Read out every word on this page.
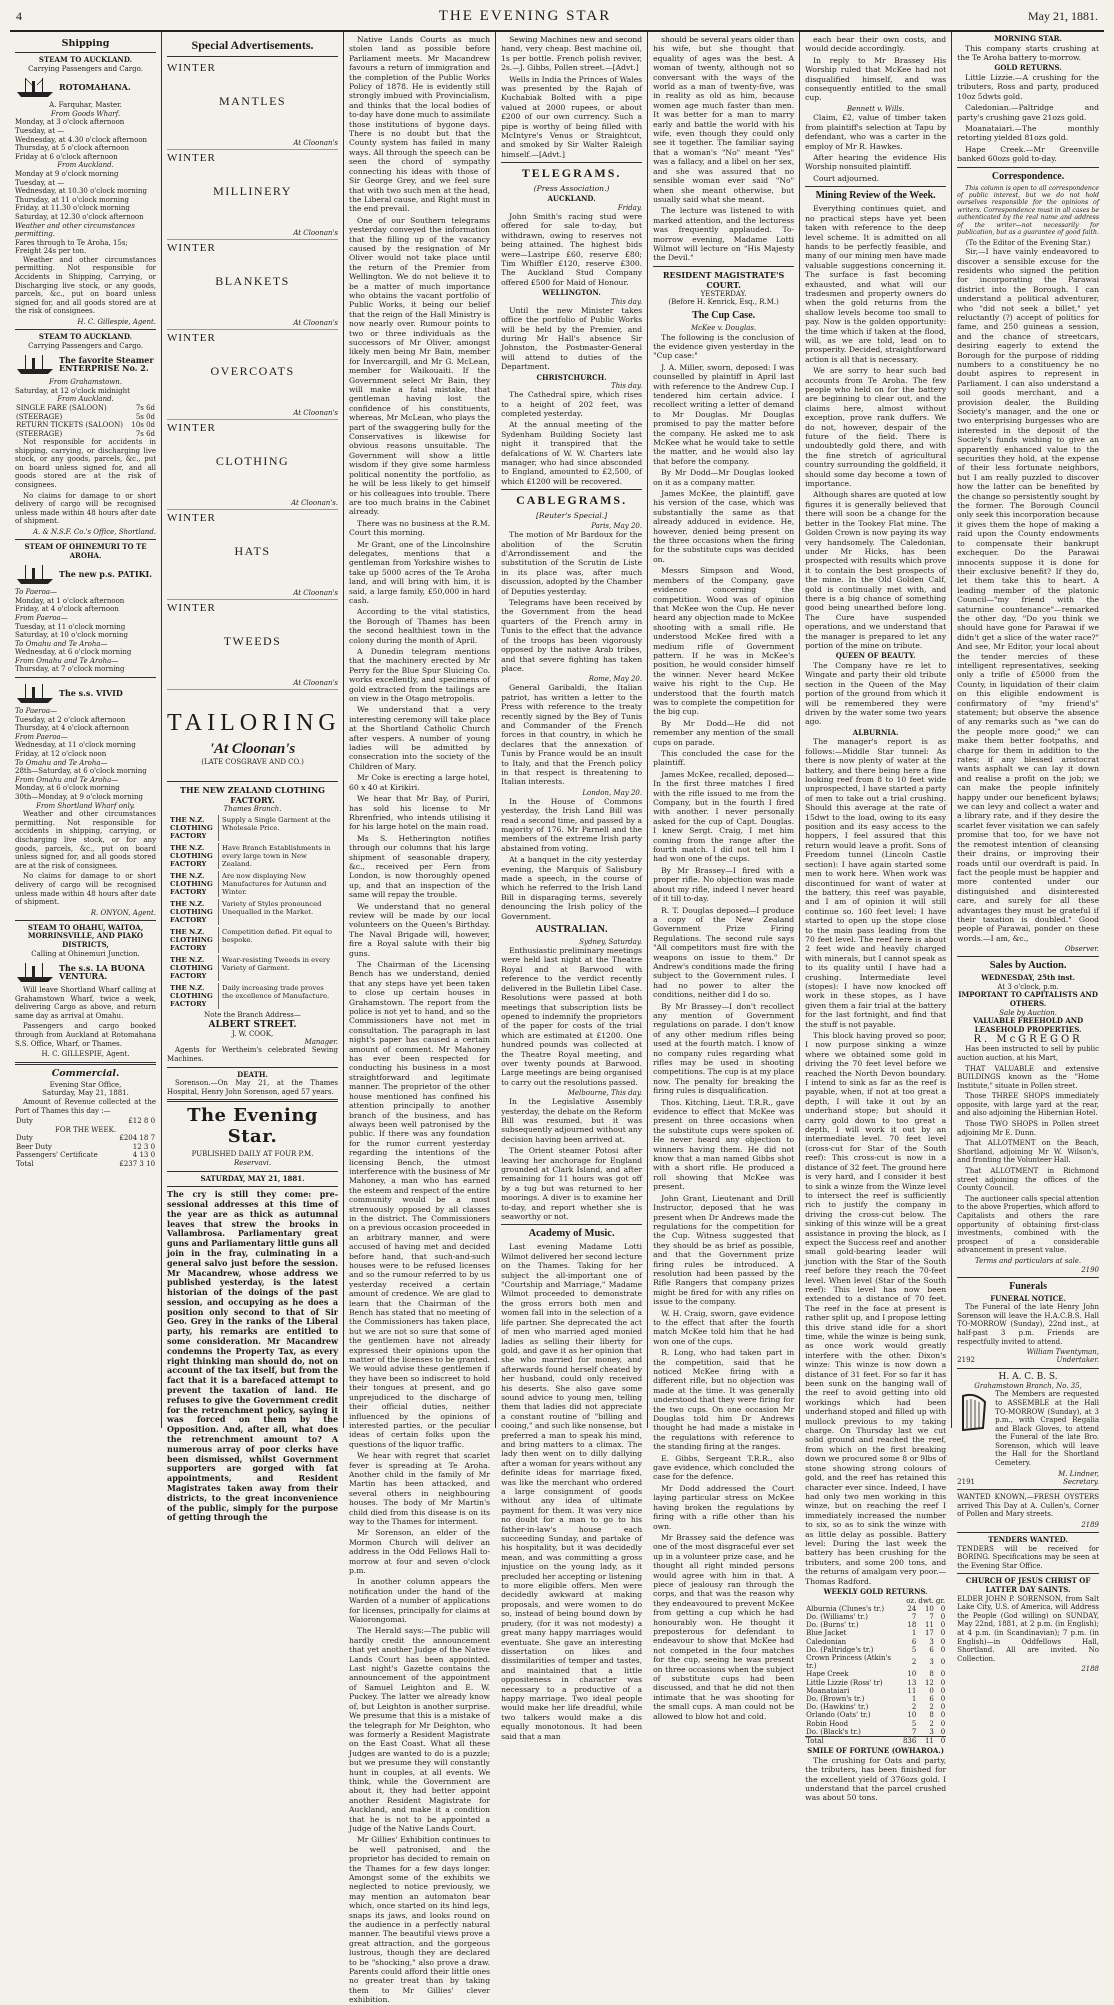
4	THE EVENING STAR	May 21, 1881.
Shipping
STEAM TO AUCKLAND.
Carrying Passengers and Cargo.
ROTOMAHANA.
A. Farquhar, Master.
From Goods Wharf.
Monday, at 3 o'clock afternoon
Tuesday, at —
Wednesday, at 4.30 o'clock afternoon
Thursday, at 5 o'clock afternoon
Friday at 6 o'clock afternoon
From Auckland.
Monday at 9 o'clock morning
Tuesday, at —
Wednesday, at 10.30 o'clock morning
Thursday, at 11 o'clock morning
Friday, at 11.30 o'clock morning
Saturday, at 12.30 o'clock afternoon
Weather and other circumstances permitting.
Fares through to Te Aroha, 15s; Freight 24s per ton.
Weather and other circumstances permitting. Not responsible for Accidents in Shipping, Carrying, or Discharging live stock, or any goods, parcels, &c., put on board unless signed for, and all goods stored are at the risk of consignees.
H. C. Gillespie, Agent.
STEAM TO AUCKLAND.
Carrying Passengers and Cargo.
The favorite Steamer ENTERPRISE No. 2.
From Grahamstown.
Saturday, at 12 o'clock midnight
From Auckland.
SINGLE FARE (SALOON)	7s 6d
(STEERAGE)	5s 0d
RETURN TICKETS (SALOON)	10s 0d
(STEERAGE)	7s 6d
Not responsible for accidents in shipping, carrying, or discharging live stock, or any goods, parcels, &c., put on board unless signed for, and all goods stored are at the risk of consignees.
No claims for damage to or short delivery of cargo will be recognised unless made within 48 hours after date of shipment.
A. & N.S.F. Co.'s Office, Shortland.
STEAM OF OHINEMURI TO TE AROHA.
The new p.s. PATIKI.
To Paeroa—
Monday, at 1 o'clock afternoon
Friday, at 4 o'clock afternoon
From Paeroa—
Tuesday, at 11 o'clock morning
Saturday, at 10 o'clock morning
To Omahu and Te Aroha—
Wednesday, at 6 o'clock morning
From Omahu and Te Aroha—
Thursday, at 7 o'clock morning
The s.s. VIVID
To Paeroa—
Tuesday, at 2 o'clock afternoon
Thursday, at 4 o'clock afternoon
From Paeroa—
Wednesday, at 11 o'clock morning
Friday, at 12 o'clock noon
To Omahu and Te Aroha—
28th—Saturday, at 6 o'clock morning
From Omahu and Te Aroha—
Monday, at 6 o'clock morning
30th—Monday, at 9 o'clock morning
From Shortland Wharf only.
Weather and other circumstances permitting. Not responsible for accidents in shipping, carrying, or discharging live stock, or for any goods, parcels, &c., put on board unless signed for, and all goods stored are at the risk of consignees.
No claims for damage to or short delivery of cargo will be recognised unless made within 48 hours after date of shipment.
R. ONYON, Agent.
STEAM TO OHAHU, WAITOA, MORRINSVILLE, AND PIAKO DISTRICTS,
Calling at Ohinemuri Junction.
The s.s. LA BUONA VENTURA.
Will leave Shortland Wharf calling at Grahamstown Wharf, twice a week, delivering Cargo as above, and return same day as arrival at Omahu.
Passengers and cargo booked through from Auckland at Rotomahana S.S. Office, Wharf, or Thames.
H. C. GILLESPIE, Agent.
Commercial.
Evening Star Office,
Saturday, May 21, 1881.
Amount of Revenue collected at the Port of Thames this day :—
Duty	£12 8 0
FOR THE WEEK.
Duty	£204 18 7
Beer Duty	12 3 0
Passengers' Certificate	4 13 0
Total	£237 3 10
Special Advertisements.
WINTER
MANTLES
At Cloonan's
WINTER
MILLINERY
At Cloonan's
WINTER
BLANKETS
At Cloonan's
WINTER
OVERCOATS
At Cloonan's
WINTER
CLOTHING
At Cloonan's.
WINTER
HATS
At Cloonan's
WINTER
TWEEDS
At Cloonan's
TAILORING
'At Cloonan's
(LATE COSGRAVE AND CO.)
THE NEW ZEALAND CLOTHING FACTORY.
Thames Branch.
THE N.Z. CLOTHING FACTORY	Supply a Single Garment at the Wholesale Price.
THE N.Z. CLOTHING FACTORY	Have Branch Establishments in every large town in New Zealand.
THE N.Z. CLOTHING FACTORY	Are now displaying New Manufactures for Autumn and Winter.
THE N.Z. CLOTHING FACTORY	Variety of Styles pronounced Unequalled in the Market.
THE N.Z. CLOTHING FACTORY	Competition defied. Fit equal to bespoke.
THE N.Z. CLOTHING FACTORY	Wear-resisting Tweeds in every Variety of Garment.
THE N.Z. CLOTHING FACTORY	Daily increasing trade proves the excellence of Manufacture.
Note the Branch Address—
ALBERT STREET.
J. W. COOK,
Manager.
Agents for Wertheim's celebrated Sewing Machines.
DEATH.
Sorenson.—On May 21, at the Thames Hospital, Henry John Sorenson, aged 57 years.
The Evening Star.
PUBLISHED DAILY AT FOUR P.M.
Reservavi.
SATURDAY, MAY 21, 1881.
The cry is still they come: pre-sessional addresses at this time of the year are as thick as autumnal leaves that strew the brooks in Vallambrosa. Parliamentary great guns and Parliamentary little guns all join in the fray, culminating in a general salvo just before the session. Mr Macandrew, whose address we published yesterday, is the latest historian of the doings of the past session, and occupying as he does a position only second to that of Sir Geo. Grey in the ranks of the Liberal party, his remarks are entitled to some consideration. Mr Macandrew condemns the Property Tax, as every right thinking man should do, not on account of the tax itself, but from the fact that it is a barefaced attempt to prevent the taxation of land. He refuses to give the Government credit for the retrenchment policy, saying it was forced on them by the Opposition. And, after all, what does the retrenchment amount to? A numerous array of poor clerks have been dismissed, whilst Government supporters are gorged with fat appointments, and Resident Magistrates taken away from their districts, to the great inconvenience of the public, simply for the purpose of getting through the
Native Lands Courts as much stolen land as possible before Parliament meets. Mr Macandrew favours a return of immigration and the completion of the Public Works Policy of 1878. He is evidently still strongly imbued with Provincialism, and thinks that the local bodies of to-day have done much to assimilate those institutions of bygone days. There is no doubt but that the County system has failed in many ways. All through the speech can be seen the chord of sympathy connecting his ideas with those of Sir George Grey, and we feel sure that with two such men at the head, the Liberal cause, and Right must in the end prevail.
One of our Southern telegrams yesterday conveyed the information that the filling up of the vacancy caused by the resignation of Mr Oliver would not take place until the return of the Premier from Wellington. We do not believe it to be a matter of much importance who obtains the vacant portfolio of Public Works, it being our belief that the reign of the Hall Ministry is now nearly over. Rumour points to two or three individuals as the successors of Mr Oliver, amongst likely men being Mr Bain, member for Invercargill, and Mr G. McLean, member for Waikouaiti. If the Government select Mr Bain, they will make a fatal mistake, that gentleman having lost the confidence of his constituents, whereas, Mr McLean, who plays the part of the swaggering bully for the Conservatives is likewise for obvious reasons unsuitable. The Government will show a little wisdom if they give some harmless political nonentity the portfolio, as he will be less likely to get himself or his colleagues into trouble. There are too much brains in the Cabinet already.
There was no business at the R.M. Court this morning.
Mr Grant, one of the Lincolnshire delegates, mentions that a gentleman from Yorkshire wishes to take up 5000 acres of the Te Aroha land, and will bring with him, it is said, a large family, £50,000 in hard cash.
According to the vital statistics, the Borough of Thames has been the second healthiest town in the colony during the month of April.
A Dunedin telegram mentions that the machinery erected by Mr Perry for the Blue Spur Sluicing Co. works excellently, and specimens of gold extracted from the tailings are on view in the Otago metropolis.
We understand that a very interesting ceremony will take place at the Shortland Catholic Church after vespers. A number of young ladies will be admitted by consecration into the society of the Children of Mary.
Mr Coke is erecting a large hotel, 60 x 40 at Kirikiri.
We hear that Mr Bay, of Puriri, has sold his license to Mr Rhrenfried, who intends utilising it for his large hotel on the main road.
Ms S. Hetherington notifies through our columns that his large shipment of seasonable drapery, &c., received per Fern from London, is now thoroughly opened up, and that an inspection of the same will repay the trouble.
We understand that no general review will be made by our local volunteers on the Queen's Birthday. The Naval Brigade will, however, fire a Royal salute with their big guns.
The Chairman of the Licensing Bench has we understand, denied that any steps have yet been taken to close up certain houses in Grahamstown. The report from the police is not yet to hand, and so the Commissioners have not met in consultation. The paragraph in last night's paper has caused a certain amount of comment. Mr Mahoney has ever been respected for conducting his business in a most straightforward and legitimate manner. The proprietor of the other house mentioned has confined his attention principally to another branch of the business, and has always been well patronised by the public. If there was any foundation for the rumor current yesterday regarding the intentions of the licensing Bench, the utmost interference with the business of Mr Mahoney, a man who has earned the esteem and respect of the entire community would be a most strenuously opposed by all classes in the district. The Commissioners on a previous occasion proceeded in an arbitrary manner, and were accused of having met and decided before hand, that such-and-such houses were to be refused licenses and so the rumour referred to by us yesterday received a certain amount of credence. We are glad to learn that the Chairman of the Bench has stated that no meeting of the Commissioners has taken place, but we are not so sure that some of the gentlemen have not already expressed their opinions upon the matter of the licenses to be granted. We would advise these gentlemen if they have been so indiscreet to hold their tongues at present, and go unprejudiced to the discharge of their official duties, neither influenced by the opinions of interested parties, or the peculiar ideas of certain folks upon the questions of the liquor traffic.
We hear with regret that scarlet fever is spreading at Te Aroha. Another child in the family of Mr Martin has been attacked, and several others in neighbouring houses. The body of Mr Martin's child died from this disease is on its way to the Thames for interment.
Mr Sorenson, an elder of the Mormon Church will deliver an address in the Odd Fellows Hall to-morrow at four and seven o'clock p.m.
In another column appears the notification under the hand of the Warden of a number of applications for licenses, principally for claims at Waiorongomai.
The Herald says:—The public will hardly credit the announcement that yet another Judge of the Native Lands Court has been appointed. Last night's Gazette contains the announcement of the appointment of Samuel Leighton and E. W. Puckey. The latter we already know of, but Leighton is another surprise. We presume that this is a mistake of the telegraph for Mr Deighton, who was formerly a Resident Magistrate on the East Coast. What all these Judges are wanted to do is a puzzle; but we presume they will constantly hunt in couples, at all events. We think, while the Government are about it, they had better appoint another Resident Magistrate for Auckland, and make it a condition that he is not to be appointed a Judge of the Native Lands Court.
Mr Gillies' Exhibition continues to be well patronised, and the proprietor has decided to remain on the Thames for a few days longer. Amongst some of the exhibits we neglected to notice previously, we may mention an automaton bear which, once started on its hind legs, snaps its jaws, and looks round on the audience in a perfectly natural manner. The beautiful views prove a great attraction, and the gorgeous lustrous, though they are declared to be "shocking," also prove a draw. Parents could afford their little ones no greater treat than by taking them to Mr Gillies' clever exhibition.
Sewing Machines new and second hand, very cheap. Best machine oil, 1s per bottle. French polish reviver, 2s.—J. Gibbs, Pollen street.—[Advt.]
Wells in India the Princes of Wales was presented by the Rajah of Kuchabiak Bolted with a pipe valued at 2000 rupees, or about £200 of our own currency. Such a pipe is worthy of being filled with McIntyre's Venus or Straightcut, and smoked by Sir Walter Raleigh himself.—[Advt.]
TELEGRAMS.
(Press Association.)
AUCKLAND.
Friday.
John Smith's racing stud were offered for sale to-day, but withdrawn, owing to reserves not being attained. The highest bids were—Lastripe £60, reserve £80; Tim Whiffler £120, reserve £300. The Auckland Stud Company offered £500 for Maid of Honour.
WELLINGTON.
This day.
Until the new Minister takes office the portfolio of Public Works will be held by the Premier, and during Mr Hall's absence Sir Johnston, the Postmaster-General will attend to duties of the Department.
CHRISTCHURCH.
This day.
The Cathedral spire, which rises to a height of 202 feet, was completed yesterday.
At the annual meeting of the Sydenham Building Society last night it transpired that the defalcations of W. W. Charters late manager, who had since absconded to England, amounted to £2,500, of which £1200 will be recovered.
CABLEGRAMS.
[Reuter's Special.]
Paris, May 20.
The motion of Mr Bardoux for the abolition of the Scrutin d'Arrondissement and the substitution of the Scrutin de Liste in its place was, after much discussion, adopted by the Chamber of Deputies yesterday.
Telegrams have been received by the Government from the head quarters of the French army in Tunis to the effect that the advance of the troops has been vigorously opposed by the native Arab tribes, and that severe fighting has taken place.
Rome, May 20.
General Garibaldi, the Italian patriot, has written a letter to the Press with reference to the treaty recently signed by the Bey of Tunis and Commander of the French forces in that country, in which he declares that the annexation of Tunis by France would be an insult to Italy, and that the French policy in that respect is threatening to Italian interests.
London, May 20.
In the House of Commons yesterday, the Irish Land Bill was read a second time, and passed by a majority of 176. Mr Parnell and the members of the extreme Irish party abstained from voting.
At a banquet in the city yesterday evening, the Marquis of Salisbury made a speech, in the course of which he referred to the Irish Land Bill in disparaging terms, severely denouncing the Irish policy of the Government.
AUSTRALIAN.
Sydney, Saturday.
Enthusiastic preliminary meetings were held last night at the Theatre Royal and at Barwood with reference to the verdict recently delivered in the Bulletin Libel Case. Resolutions were passed at both meetings that subscription lists be opened to indemnify the proprietors of the paper for costs of the trial which are estimated at £1200. One hundred pounds was collected at the Theatre Royal meeting, and over twenty pounds at Barwood. Large meetings are being organised to carry out the resolutions passed.
Melbourne, This day.
In the Legislative Assembly yesterday, the debate on the Reform Bill was resumed, but it was subsequently adjourned without any decision having been arrived at.
The Orient steamer Potosi after leaving her anchorage for England grounded at Clark Island, and after remaining for 11 hours was got off by a tug but was returned to her moorings. A diver is to examine her to-day, and report whether she is seaworthy or not.
Academy of Music.
Last evening Madame Lotti Wilmot delivered her second lecture on the Thames. Taking for her subject the all-important one of "Courtship and Marriage," Madame Wilmot proceeded to demonstrate the gross errors both men and women fall into in the selection of a life partner. She deprecated the act of men who married aged monied ladies as selling their liberty for gold, and gave it as her opinion that she who married for money, and afterwards found herself cheated by her husband, could only received his deserts. She also gave some sound advice to young men, telling them that ladies did not appreciate a constant routine of "billing and cooing," and such like nonsense, but preferred a man to speak his mind, and bring matters to a climax. The lady then went on to dilly dallying after a woman for years without any definite ideas for marriage fixed, was like the merchant who ordered a large consignment of goods without any idea of ultimate payment for them. It was very nice no doubt for a man to go to his father-in-law's house each succeeding Sunday, and partake of his hospitality, but it was decidedly mean, and was committing a gross injustice on the young lady, as it precluded her accepting or listening to more eligible offers. Men were decidedly awkward at making proposals, and were women to do so, instead of being bound down by prudery, (for it was not modesty) a great many happy marriages would eventuate. She gave an interesting dissertation on likes and dissimilarities of temper and tastes, and maintained that a little oppositeness in character was necessary to a productive of a happy marriage. Two ideal people would make her life dreadful, while two talkers would make a dis equally monotonous. It had been said that a man
should be several years older than his wife, but she thought that equality of ages was the best. A woman of twenty, although not so conversant with the ways of the world as a man of twenty-five, was in reality as old as him, because women age much faster than men. It was better for a man to marry early and battle the world with his wife, even though they could only see it together. The familiar saying that a woman's "No" meant "Yes" was a fallacy, and a libel on her sex, and she was assured that no sensible woman ever said "No" when she meant otherwise, but usually said what she meant.
The lecture was listened to with marked attention, and the lecturess was frequently applauded. To-morrow evening, Madame Lotti Wilmot will lecture on "His Majesty the Devil."
RESIDENT MAGISTRATE'S COURT.
YESTERDAY.
(Before H. Kenrick, Esq., R.M.)
The Cup Case.
McKee v. Douglas.
The following is the conclusion of the evidence given yesterday in the "Cup case:"
J. A. Miller, sworn, deposed: I was counselled by plaintiff in April last with reference to the Andrew Cup. I tendered him certain advice. I recollect writing a letter of demand to Mr Douglas. Mr Douglas promised to pay the matter before the company. He asked me to ask McKee what he would take to settle the matter, and he would also lay that before the company.
By Mr Dodd—Mr Douglas looked on it as a company matter.
James McKee, the plaintiff, gave his version of the case, which was substantially the same as that already adduced in evidence. He, however, denied being present on the three occasions when the firing for the substitute cups was decided on.
Messrs Simpson and Wood, members of the Company, gave evidence concerning the competition. Wood was of opinion that McKee won the Cup. He never heard any objection made to McKee shooting with a small rifle. He understood McKee fired with a medium rifle of Government pattern. If he was in McKee's position, he would consider himself the winner. Never heard McKee waive his right to the Cup. He understood that the fourth match was to complete the competition for the big cup.
By Mr Dodd—He did not remember any mention of the small cups on parade.
This concluded the case for the plaintiff.
James McKee, recalled, deposed—In the first three matches I fired with the rifle issued to me from the Company, but in the fourth I fired with another. I never personally asked for the cup of Capt. Douglas. I knew Sergt. Craig, I met him coming from the range after the fourth match. I did not tell him I had won one of the cups.
By Mr Brassey—I fired with a proper rifle. No objection was made about my rifle, indeed I never heard of it till to-day.
R. T. Douglas deposed—I produce a copy of the New Zealand Government Prize Firing Regulations. The second rule says "All competitors must fire with the weapons on issue to them." Dr Andrew's conditions made the firing subject to the Government rules. I had no power to alter the conditions, neither did I do so.
By Mr Brassey—I don't recollect any mention of Government regulations on parade. I don't know of any other medium rifles being used at the fourth match. I know of no company rules regarding what rifles may be used in shooting competitions. The cup is at my place now. The penalty for breaking the firing rules is disqualification.
Thos. Kitching, Lieut. T.R.R., gave evidence to effect that McKee was present on three occasions when the substitute cups were spoken of. He never heard any objection to winners having them. He did not know that a man named Gibbs shot with a short rifle. He produced a roll showing that McKee was present.
John Grant, Lieutenant and Drill Instructor, deposed that he was present when Dr Andrews made the regulations for the competition for the Cup. Witness suggested that they should be as brief as possible, and that the Government prize firing rules be introduced. A resolution had been passed by the Rifle Rangers that company prizes might be fired for with any rifles on issue to the company.
W. H. Craig, sworn, gave evidence to the effect that after the fourth match McKee told him that he had won one of the cups.
R. Long, who had taken part in the competition, said that he noticed McKee firing with a different rifle, but no objection was made at the time. It was generally understood that they were firing for the two cups. On one occasion Mr Douglas told him Dr Andrews thought he had made a mistake in the regulations with reference to the standing firing at the ranges.
E. Gibbs, Sergeant T.R.R., also gave evidence, which concluded the case for the defence.
Mr Dodd addressed the Court laying particular stress on McKee having broken the regulations by firing with a rifle other than his own.
Mr Brassey said the defence was one of the most disgraceful ever set up in a volunteer prize case, and he thought all right minded persons would agree with him in that. A piece of jealousy ran through the corps, and that was the reason why they endeavoured to prevent McKee from getting a cup which he had honourably won. He thought it preposterous for defendant to endeavour to show that McKee had not competed in the four matches for the cup, seeing he was present on three occasions when the subject of substitute cups had been discussed, and that he did not then intimate that he was shooting for the small cups. A man could not be allowed to blow hot and cold.
each bear their own costs, and would decide accordingly.
In reply to Mr Brassey His Worship ruled that McKee had not disqualified himself, and was consequently entitled to the small cup.
Bennett v. Wills.
Claim, £2, value of timber taken from plaintiff's selection at Tapu by defendant, who was a carter in the employ of Mr R. Hawkes.
After hearing the evidence His Worship nonsuited plaintiff.
Court adjourned.
Mining Review of the Week.
Everything continues quiet, and no practical steps have yet been taken with reference to the deep level scheme. It is admitted on all hands to be perfectly feasible, and many of our mining men have made valuable suggestions concerning it. The surface is fast becoming exhausted, and what will our tradesmen and property owners do when the gold returns from the shallow levels become too small to pay. Now is the golden opportunity: the time which if taken at the flood, will, as we are told, lead on to prosperity. Decided, straightforward action is all that is necessary.
We are sorry to hear such bad accounts from Te Aroha. The few people who held on for the battery are beginning to clear out, and the claims here, almost without exception, prove rank duffers. We do not, however, despair of the future of the field. There is undoubtedly gold there, and with the fine stretch of agricultural country surrounding the goldfield, it should some day become a town of importance.
Although shares are quoted at low figures it is generally believed that there will soon be a change for the better in the Tookey Flat mine. The Golden Crown is now paying its way very handsomely. The Caledonian, under Mr Hicks, has been prospected with results which prove it to contain the best prospects of the mine. In the Old Golden Calf, gold is continually met with, and there is a big chance of something good being unearthed before long. The Cure have suspended operations, and we understand that the manager is prepared to let any portion of the mine on tribute.
QUEEN OF BEAUTY.
The Company have re let to Wingate and party their old tribute section in the Queen of the May portion of the ground from which it will be remembered they were driven by the water some two years ago.
ALBURNIA.
The manager's report is as follows:—Middle Star tunnel: As there is now plenty of water at the battery, and there being here a fine looking reef from 8 to 10 feet wide unprospected, I have started a party of men to take out a trial crushing. Should this average at the rate of 15dwt to the load, owing to its easy position and its easy access to the hoppers, I feel assured that this return would leave a profit. Sons of Freedom tunnel (Lincoln Castle section): I have again started some men to work here. When work was discontinued for want of water at the battery, this reef was payable, and I am of opinion it will still continue so. 160 feet level: I have started to open up the stope close to the main pass leading from the 70 feet level. The reef here is about 2 feet wide and heavily charged with minerals, but I cannot speak as to its quality until I have had a crushing. Intermediate level (stopes): I have now knocked off work in these stopes, as I have given them a fair trial at the battery for the last fortnight, and find that the stuff is not payable.
This block having proved so poor, I now purpose sinking a winze where we obtained some gold in driving the 70 feet level before we reached the North Devon boundary. I intend to sink as far as the reef is payable, when, if not at too great a depth, I will take it out by an underhand stope; but should it carry gold down to too great a depth, I will work it out by an intermediate level. 70 feet level (cross-cut for Star of the South reef): This cross-cut is now in a distance of 32 feet. The ground here is very hard, and I consider it best to sink a winze from the Winze level to intersect the reef is sufficiently rich to justify the company in driving the cross-cut below. The sinking of this winze will be a great assistance in proving the block, as I expect the Success reef and another small gold-bearing leader will junction with the Star of the South reef before they reach the 70-feet level. When level (Star of the South reef): This level has now been extended to a distance of 70 feet. The reef in the face at present is rather split up, and I propose letting this drive stand idle for a short time, while the winze is being sunk, as once work would greatly interfere with the other. Dixon's winze: This winze is now down a distance of 31 feet. For so far it has been sunk on the hanging wall of the reef to avoid getting into old workings which had been underhand stoped and filled up with mullock previous to my taking charge. On Thursday last we cut solid ground and reached the reef, from which on the first breaking down we procured some 8 or 9lbs of stone showing strong colours of gold, and the reef has retained this character ever since. Indeed, I have had only two men working in this winze, but on reaching the reef I immediately increased the number to six, so as to sink the winze with as little delay as possible. Battery level: During the last week the battery has been crushing for the tributers, and some 200 tons, and the returns of amalgam very poor.—Thomas Radford.
WEEKLY GOLD RETURNS.
	oz.	dwt.	gr.
Alburnia (Clunes's tr.)	24	10	0
Do. (Williams' tr.)	7	7	0
Do. (Burns' tr.)	18	11	0
Blue Jacket	1	17	0
Caledonian	6	3	0
Do. (Paltridge's tr.)	5	6	0
Crown Princess (Atkin's tr.)	2	3	0
Hape Creek	10	8	0
Little Lizzie (Ross' tr)	13	12	0
Moanataiari	11	0	0
Do. (Brown's tr.)	1	6	0
Do. (Hawkins' tr.)	2	2	0
Orlando (Oats' tr.)	10	8	0
Robin Hood	5	2	0
Do. (Black's tr.)	7	3	0
Total	836	11	0
SMILE OF FORTUNE (OWHAROA.)
The crushing for Oats and party, the tributers, has been finished for the excellent yield of 376ozs gold. I understand that the parcel crushed was about 50 tons.
MORNING STAR.
This company starts crushing at the Te Aroha battery to-morrow.
GOLD RETURNS.
Little Lizzie.—A crushing for the tributers, Ross and party, produced 10oz 5dwts gold.
Caledonian.—Paltridge and party's crushing gave 21ozs gold.
Moanataiari.—The monthly retorting yielded 81ozs gold.
Hape Creek.—Mr Greenville banked 60ozs gold to-day.
Correspondence.
This column is open to all correspondence of public interest, but we do not hold ourselves responsible for the opinions of writers. Correspondence must in all cases be authenticated by the real name and address of the writer—not necessarily for publication, but as a guarantee of good faith.
(To the Editor of the Evening Star.)
Sir,—I have vainly endeavored to discover a sensible excuse for the residents who signed the petition for incorporating the Parawai district into the Borough. I can understand a political adventurer, who "did not seek a billet," yet reluctantly (?) accept of politics for fame, and 250 guineas a session, and the chance of streetcars, desiring eagerly to extend the Borough for the purpose of ridding numbers to a constituency he no doubt aspires to represent in Parliament. I can also understand a soil goods merchant, and a provision dealer, the Building Society's manager, and the one or two enterprising burgesses who are interested in the deposit of the Society's funds wishing to give an apparently enhanced value to the securities they hold, at the expense of their less fortunate neighbors, but I am really puzzled to discover how the latter can be benefited by the change so persistently sought by the former. The Borough Council only seek this incorporation because it gives them the hope of making a raid upon the County endowments to compensate their bankrupt exchequer. Do the Parawai innocents suppose it is done for their exclusive benefit? If they do, let them take this to heart. A leading member of the platonic Council—"my friend with the saturnine countenance"—remarked the other day, "Do you think we should have gone for Parawai if we didn't get a slice of the water race?" And see, Mr Editor, your local about the tender mercies of these intelligent representatives, seeking only a trifle of £5000 from the County, in liquidation of their claim on this eligible endowment is confirmatory of "my friend's" statement; but observe the absence of any remarks such as "we can do the people more good;" we can make them better footpaths, and charge for them in addition to the rates; if any blessed aristocrat wants asphalt we can lay it down and realise a profit on the job; we can make the people infinitely happy under our beneficent bylaws; we can levy and collect a water and a library rate, and if they desire the scarlet fever visitation we can safely promise that too, for we have not the remotest intention of cleansing their drains, or improving their roads until our overdraft is paid. In fact the people must be happier and more contented under our distinguished and disinterested care, and surely for all these advantages they must be grateful if their taxation is doubled." Good people of Parawai, ponder on these words.—I am, &c.,
Observer.
Sales by Auction.
WEDNESDAY, 25th inst.
At 3 o'clock, p.m.
IMPORTANT TO CAPITALISTS AND OTHERS.
Sale by Auction.
VALUABLE FREEHOLD AND LEASEHOLD PROPERTIES.
R. McGREGOR
Has been instructed to sell by public auction auction, at his Mart,
THAT VALUABLE and extensive BUILDINGS known as the "Home Institute," situate in Pollen street.
Those THREE SHOPS immediately opposite, with large yard at the rear, and also adjoining the Hibernian Hotel.
Those TWO SHOPS in Pollen street adjoining Mr E. Dunn.
That ALLOTMENT on the Beach, Shortland, adjoining Mr W. Wilson's, and fronting the Volunteer Hall.
That ALLOTMENT in Richmond street adjoining the offices of the County Council.
The auctioneer calls special attention to the above Properties, which afford to Capitalists and others the rare opportunity of obtaining first-class investments, combined with the prospect of a considerable advancement in present value.
Terms and particulars at sale.
2190
Funerals
FUNERAL NOTICE.
The Funeral of the late Henry John Sorenson will leave the H.A.C.B.S. Hall TO-MORROW (Sunday), 22nd inst., at half-past 3 p.m. Friends are respectfully invited to attend.
William Twentyman,
2192	Undertaker.
H. A. C. B. S.
Grahamstown Branch, No. 35,
The Members are requested to ASSEMBLE at the Hall TO-MORROW (Sunday), at 3 p.m., with Craped Regalia and Black Gloves, to attend the Funeral of the late Bro. Sorenson, which will leave the Hall for the Shortland Cemetery.
M. Lindner,
2191	Secretary.
WANTED KNOWN,—FRESH OYSTERS arrived This Day at A. Cullen's, Corner of Pollen and Mary streets.
2189
TENDERS WANTED.
TENDERS will be received for BORING. Specifications may be seen at the Evening Star Office.
CHURCH OF JESUS CHRIST OF LATTER DAY SAINTS.
ELDER JOHN P. SORENSON, from Salt Lake City, U.S. of America, will Address the People (God willing) on SUNDAY, May 22nd, 1881, at 2 p.m. (in English); at 4 p.m. (in Scandinavian); 7 p.m. (in English)—in Oddfellows Hall, Shortland. All are invited. No Collection.
2188
